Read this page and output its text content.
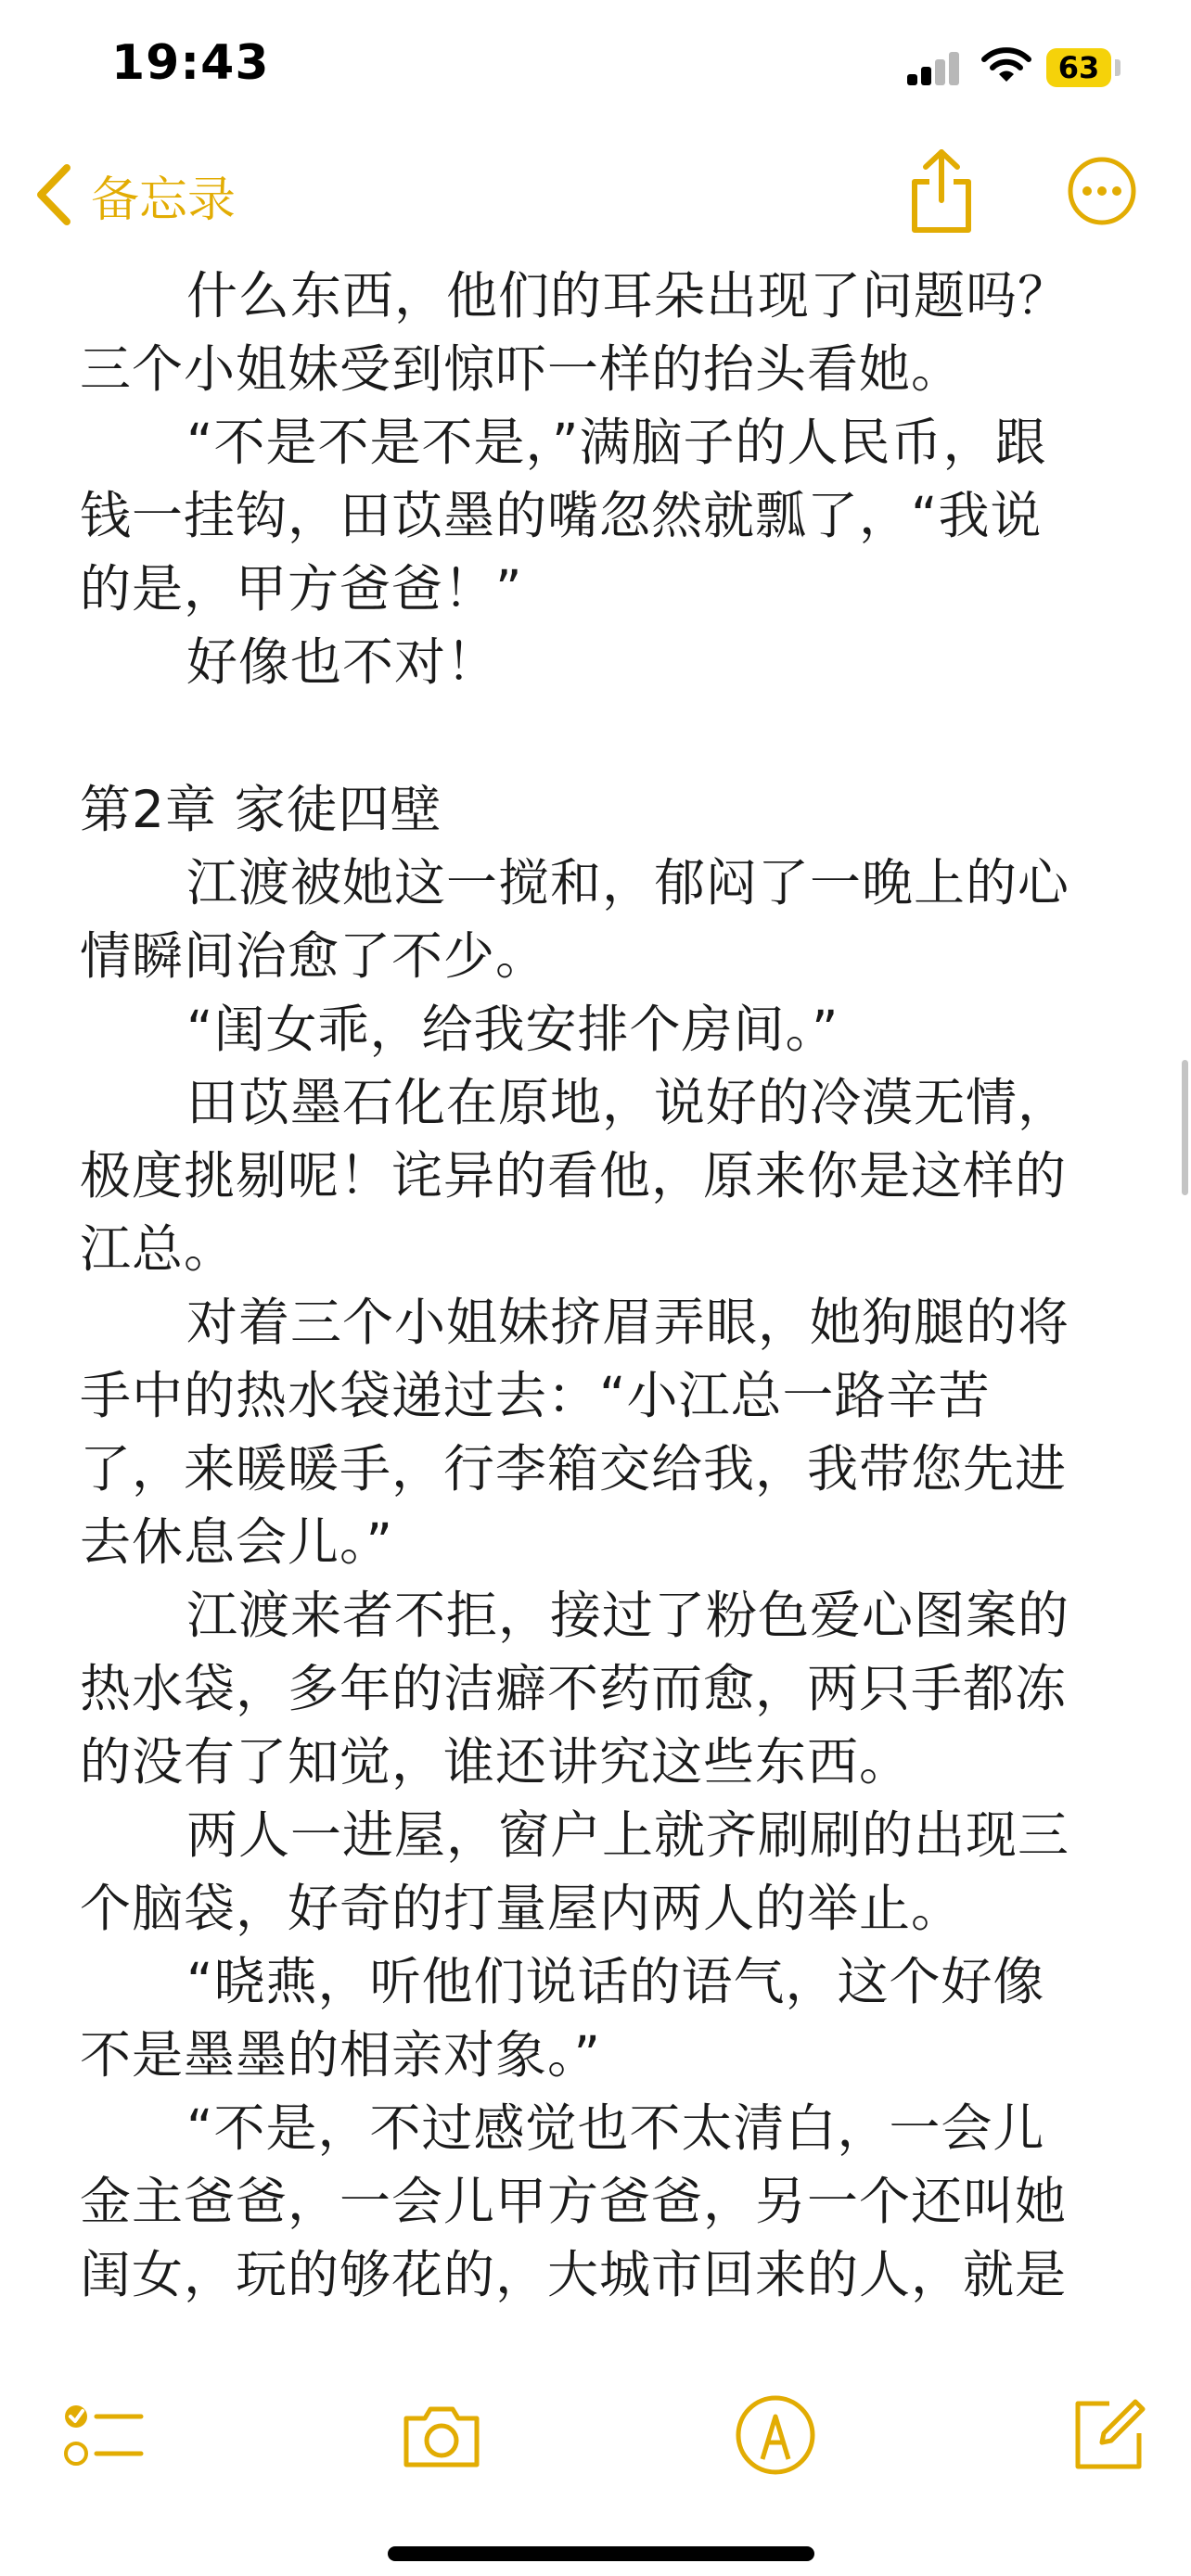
19:43	63
备忘录
什么东西，他们的耳朵出现了问题吗？
三个小姐妹受到惊吓一样的抬头看她。
“不是不是不是，”满脑子的人民币，跟
钱一挂钩，田苡墨的嘴忽然就瓢了，“我说
的是，甲方爸爸！”
好像也不对！
第2章 家徒四壁
江渡被她这一搅和，郁闷了一晚上的心
情瞬间治愈了不少。
“闺女乖，给我安排个房间。”
田苡墨石化在原地，说好的冷漠无情，
极度挑剔呢！诧异的看他，原来你是这样的
江总。
对着三个小姐妹挤眉弄眼，她狗腿的将
手中的热水袋递过去：“小江总一路辛苦
了，来暖暖手，行李箱交给我，我带您先进
去休息会儿。”
江渡来者不拒，接过了粉色爱心图案的
热水袋，多年的洁癖不药而愈，两只手都冻
的没有了知觉，谁还讲究这些东西。
两人一进屋，窗户上就齐刷刷的出现三
个脑袋，好奇的打量屋内两人的举止。
“晓燕，听他们说话的语气，这个好像
不是墨墨的相亲对象。”
“不是，不过感觉也不太清白，一会儿
金主爸爸，一会儿甲方爸爸，另一个还叫她
闺女，玩的够花的，大城市回来的人，就是
